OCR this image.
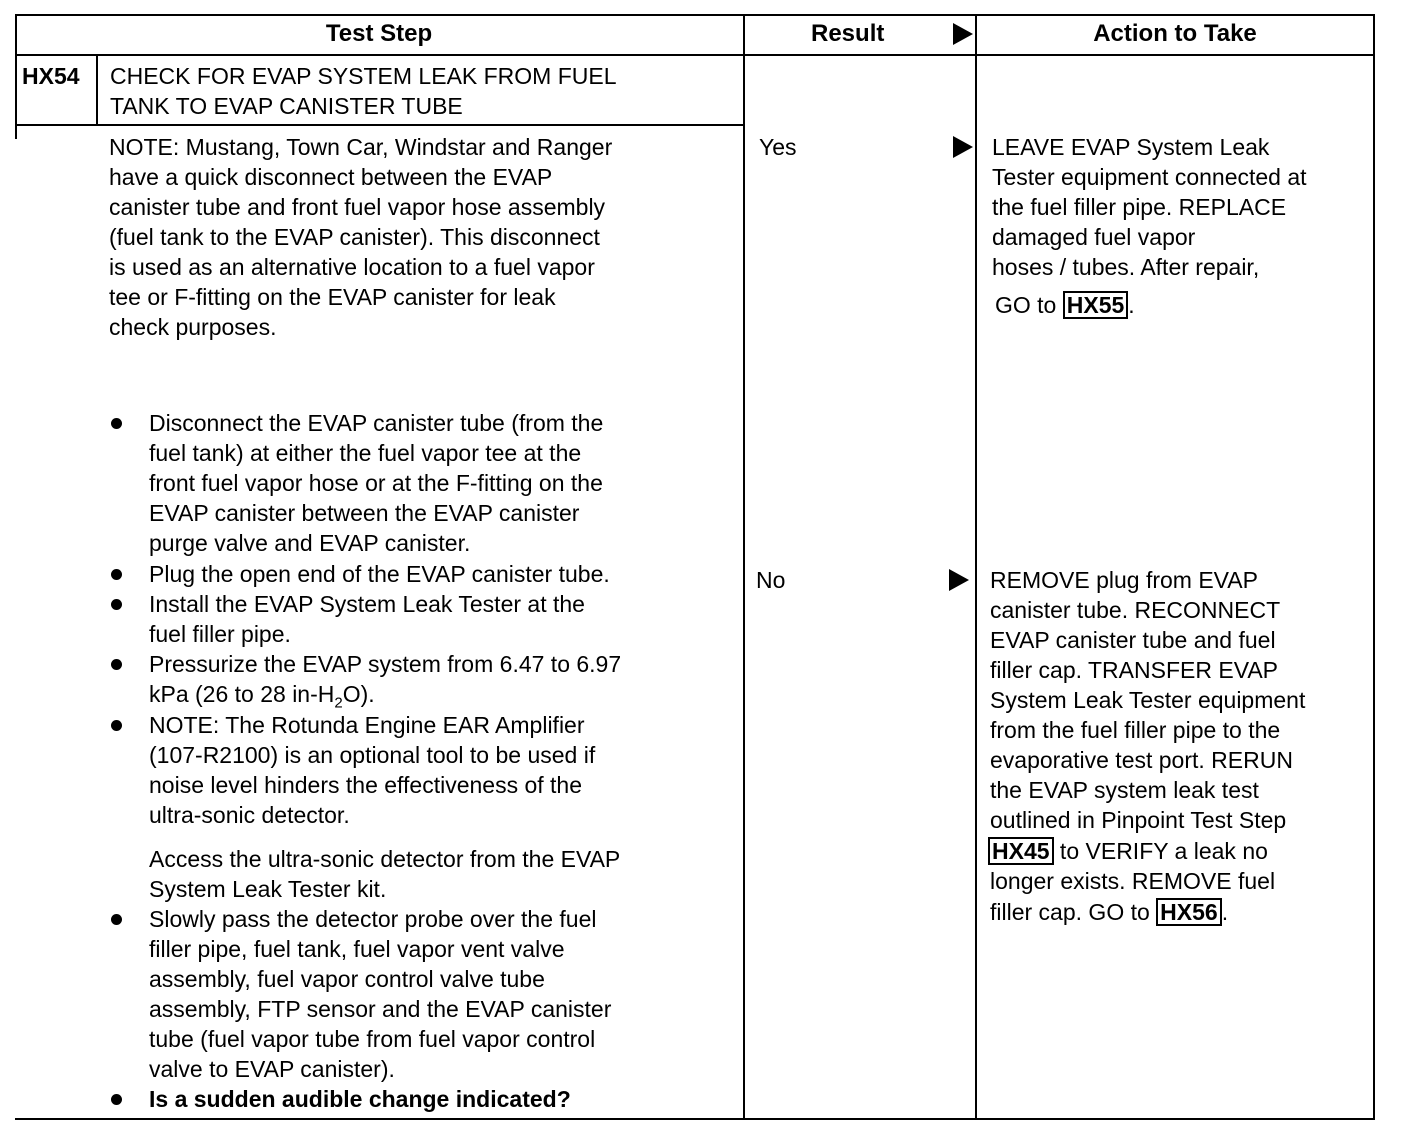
Test Step	Result	Action to Take
HX54 CHECK FOR EVAP SYSTEM LEAK FROM FUEL
TANK TO EVAP CANISTER TUBE
NOTE: Mustang, Town Car, Windstar and Ranger
have a quick disconnect between the EVAP
canister tube and front fuel vapor hose assembly
(fuel tank to the EVAP canister). This disconnect
is used as an alternative location to a fuel vapor
tee or F-fitting on the EVAP canister for leak
check purposes.
Disconnect the EVAP canister tube (from the
fuel tank) at either the fuel vapor tee at the
front fuel vapor hose or at the F-fitting on the
EVAP canister between the EVAP canister
purge valve and EVAP canister.
Plug the open end of the EVAP canister tube.
Install the EVAP System Leak Tester at the
fuel filler pipe.
Pressurize the EVAP system from 6.47 to 6.97
kPa (26 to 28 $in-H_2O$).
NOTE: The Rotunda Engine EAR Amplifier
(107-R2100) is an optional tool to be used if
noise level hinders the effectiveness of the
ultra-sonic detector.
Access the ultra-sonic detector from the EVAP
System Leak Tester kit.
Slowly pass the detector probe over the fuel
filler pipe, fuel tank, fuel vapor vent valve
assembly, fuel vapor control valve tube
assembly, FTP sensor and the EVAP canister
tube (fuel vapor tube from fuel vapor control
valve to EVAP canister).
Is a sudden audible change indicated?
Yes
No
LEAVE EVAP System Leak
Tester equipment connected at
the fuel filler pipe. REPLACE
damaged fuel vapor
hoses / tubes. After repair,
GO to HX55 .
REMOVE plug from EVAP
canister tube. RECONNECT
EVAP canister tube and fuel
filler cap. TRANSFER EVAP
System Leak Tester equipment
from the fuel filler pipe to the
evaporative test port. RERUN
the EVAP system leak test
outlined in Pinpoint Test Step
HX45 to VERIFY a leak no
longer exists. REMOVE fuel
filler cap. GO to HX56 .
